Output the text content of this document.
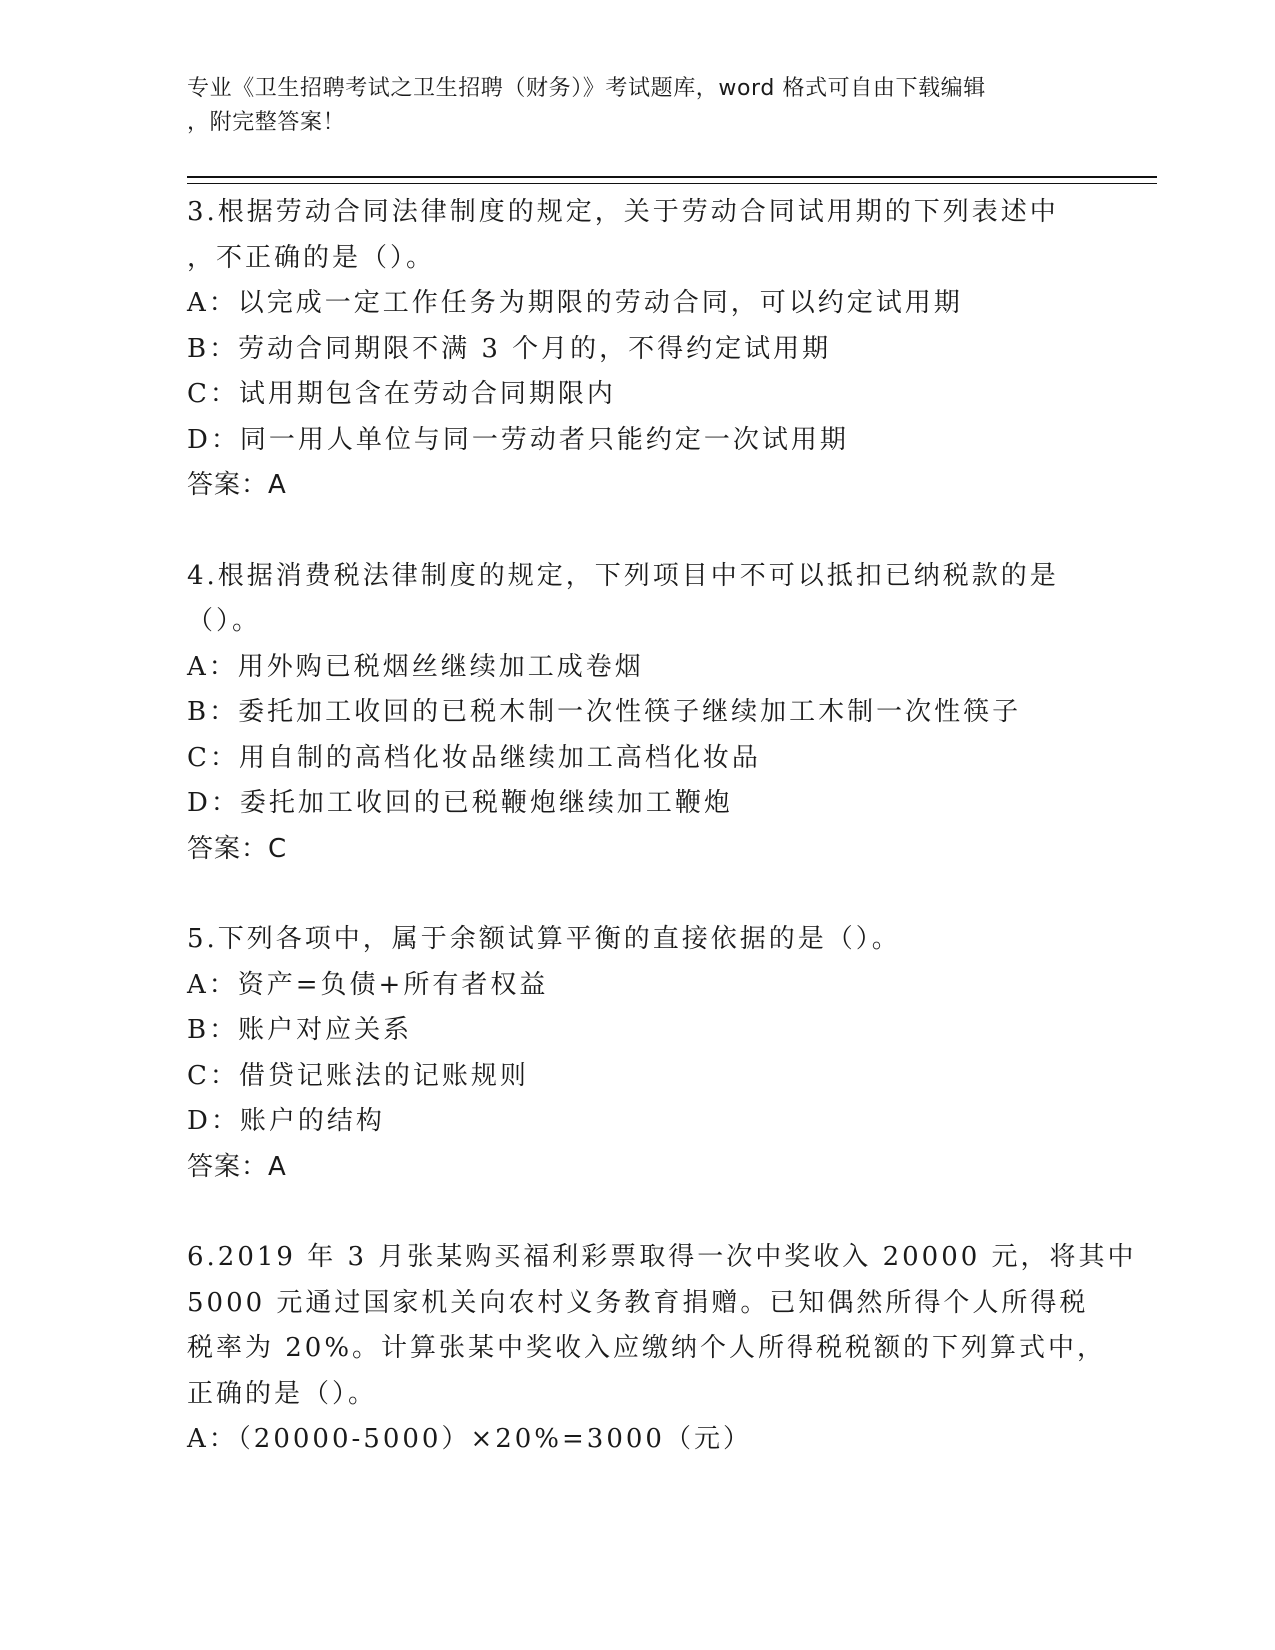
专业《卫生招聘考试之卫生招聘（财务）》考试题库，word 格式可自由下载编辑
，附完整答案！
3.根据劳动合同法律制度的规定，关于劳动合同试用期的下列表述中
，不正确的是（）。
A：以完成一定工作任务为期限的劳动合同，可以约定试用期
B：劳动合同期限不满 3 个月的，不得约定试用期
C：试用期包含在劳动合同期限内
D：同一用人单位与同一劳动者只能约定一次试用期
答案：A
4.根据消费税法律制度的规定，下列项目中不可以抵扣已纳税款的是
（）。
A：用外购已税烟丝继续加工成卷烟
B：委托加工收回的已税木制一次性筷子继续加工木制一次性筷子
C：用自制的高档化妆品继续加工高档化妆品
D：委托加工收回的已税鞭炮继续加工鞭炮
答案：C
5.下列各项中，属于余额试算平衡的直接依据的是（）。
A：资产=负债+所有者权益
B：账户对应关系
C：借贷记账法的记账规则
D：账户的结构
答案：A
6.2019 年 3 月张某购买福利彩票取得一次中奖收入 20000 元，将其中
5000 元通过国家机关向农村义务教育捐赠。已知偶然所得个人所得税
税率为 20%。计算张某中奖收入应缴纳个人所得税税额的下列算式中，
正确的是（）。
A：（20000-5000）×20%=3000（元）
